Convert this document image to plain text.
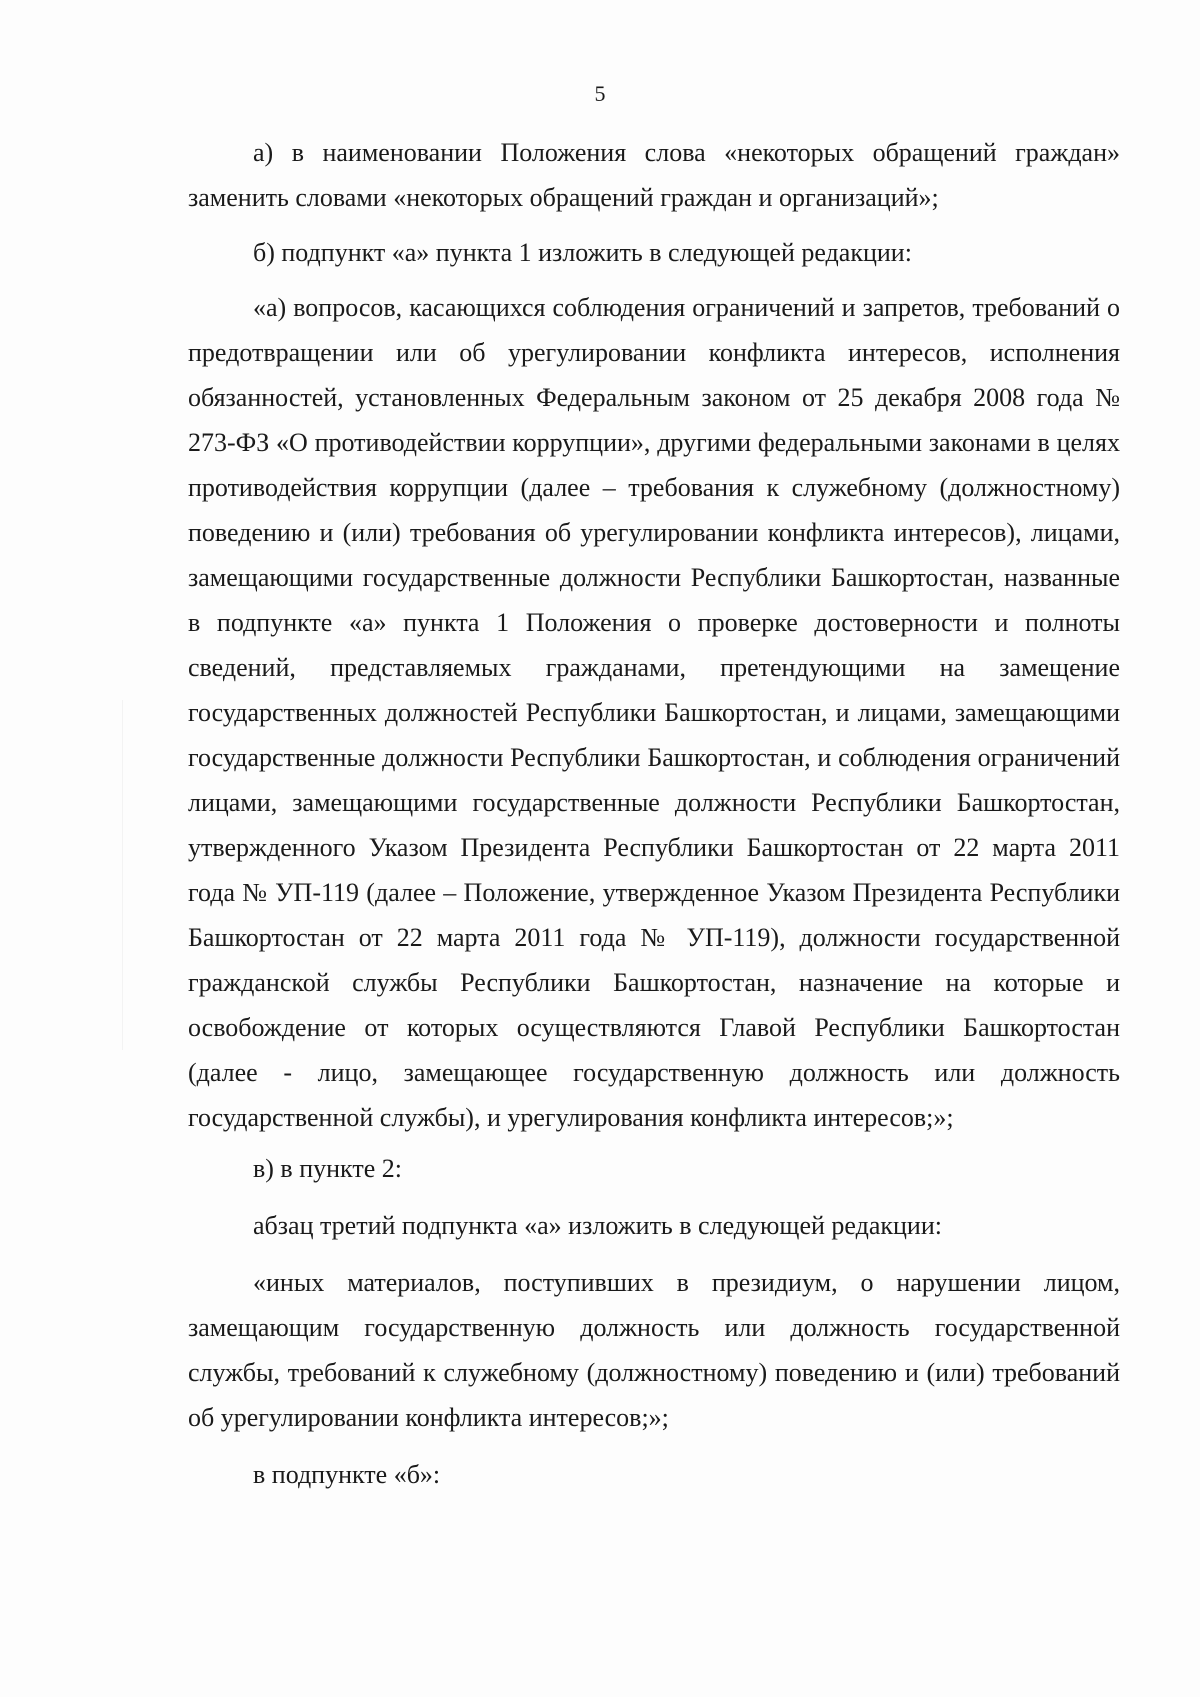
5

а) в наименовании Положения слова «некоторых обращений граждан» заменить словами «некоторых обращений граждан и организаций»;

б) подпункт «а» пункта 1 изложить в следующей редакции:

«а) вопросов, касающихся соблюдения ограничений и запретов, требований о предотвращении или об урегулировании конфликта интересов, исполнения обязанностей, установленных Федеральным законом от 25 декабря 2008 года № 273-ФЗ «О противодействии коррупции», другими федеральными законами в целях противодействия коррупции (далее – требования к служебному (должностному) поведению и (или) требования об урегулировании конфликта интересов), лицами, замещающими государственные должности Республики Башкортостан, названные в подпункте «а» пункта 1 Положения о проверке достоверности и полноты сведений, представляемых гражданами, претендующими на замещение государственных должностей Республики Башкортостан, и лицами, замещающими государственные должности Республики Башкортостан, и соблюдения ограничений лицами, замещающими государственные должности Республики Башкортостан, утвержденного Указом Президента Республики Башкортостан от 22 марта 2011 года № УП-119 (далее – Положение, утвержденное Указом Президента Республики Башкортостан от 22 марта 2011 года № УП-119), должности государственной гражданской службы Республики Башкортостан, назначение на которые и освобождение от которых осуществляются Главой Республики Башкортостан (далее - лицо, замещающее государственную должность или должность государственной службы), и урегулирования конфликта интересов;»;

в) в пункте 2:

абзац третий подпункта «а» изложить в следующей редакции:

«иных материалов, поступивших в президиум, о нарушении лицом, замещающим государственную должность или должность государственной службы, требований к служебному (должностному) поведению и (или) требований об урегулировании конфликта интересов;»;

в подпункте «б»:
